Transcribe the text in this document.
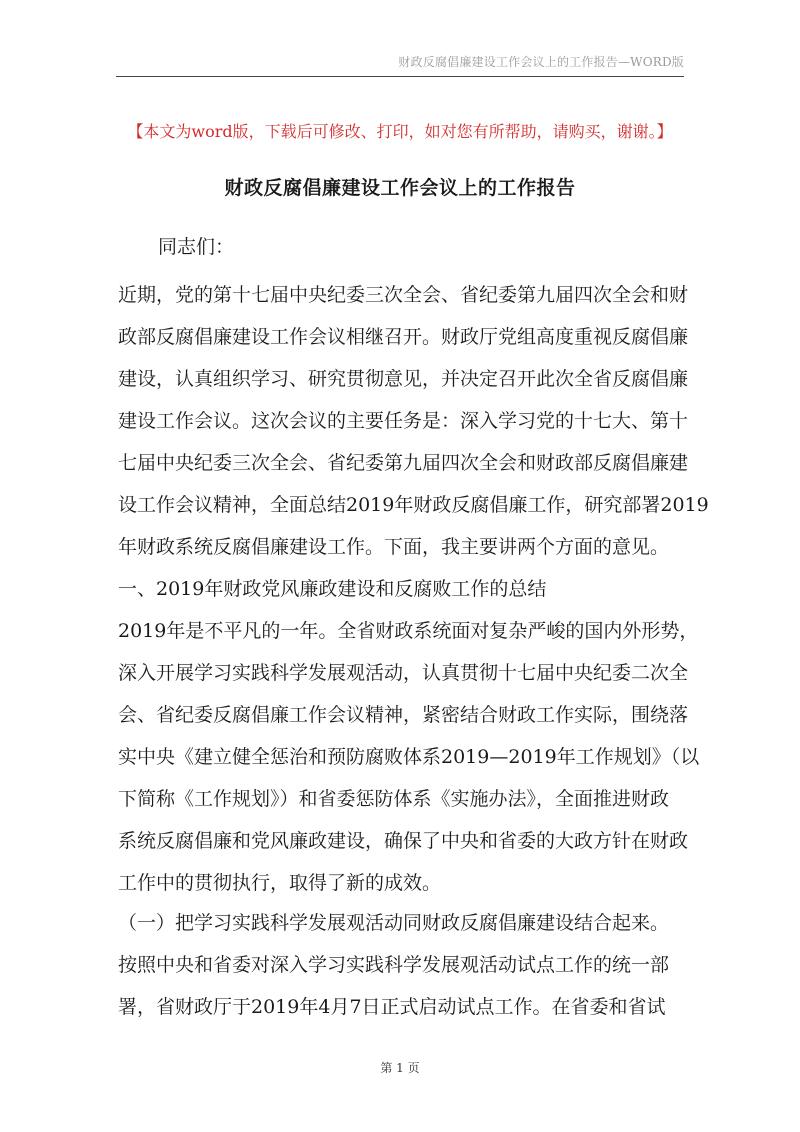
财政反腐倡廉建设工作会议上的工作报告—WORD版
【本文为word版，下载后可修改、打印，如对您有所帮助，请购买，谢谢。】
财政反腐倡廉建设工作会议上的工作报告
同志们：
近期，党的第十七届中央纪委三次全会、省纪委第九届四次全会和财
政部反腐倡廉建设工作会议相继召开。财政厅党组高度重视反腐倡廉
建设，认真组织学习、研究贯彻意见，并决定召开此次全省反腐倡廉
建设工作会议。这次会议的主要任务是：深入学习党的十七大、第十
七届中央纪委三次全会、省纪委第九届四次全会和财政部反腐倡廉建
设工作会议精神，全面总结2019年财政反腐倡廉工作，研究部署2019
年财政系统反腐倡廉建设工作。下面，我主要讲两个方面的意见。
一、2019年财政党风廉政建设和反腐败工作的总结
2019年是不平凡的一年。全省财政系统面对复杂严峻的国内外形势，
深入开展学习实践科学发展观活动，认真贯彻十七届中央纪委二次全
会、省纪委反腐倡廉工作会议精神，紧密结合财政工作实际，围绕落
实中央《建立健全惩治和预防腐败体系2019—2019年工作规划》（以
下简称《工作规划》）和省委惩防体系《实施办法》，全面推进财政
系统反腐倡廉和党风廉政建设，确保了中央和省委的大政方针在财政
工作中的贯彻执行，取得了新的成效。
（一）把学习实践科学发展观活动同财政反腐倡廉建设结合起来。
按照中央和省委对深入学习实践科学发展观活动试点工作的统一部
署，省财政厅于2019年4月7日正式启动试点工作。在省委和省试
第 1 页
